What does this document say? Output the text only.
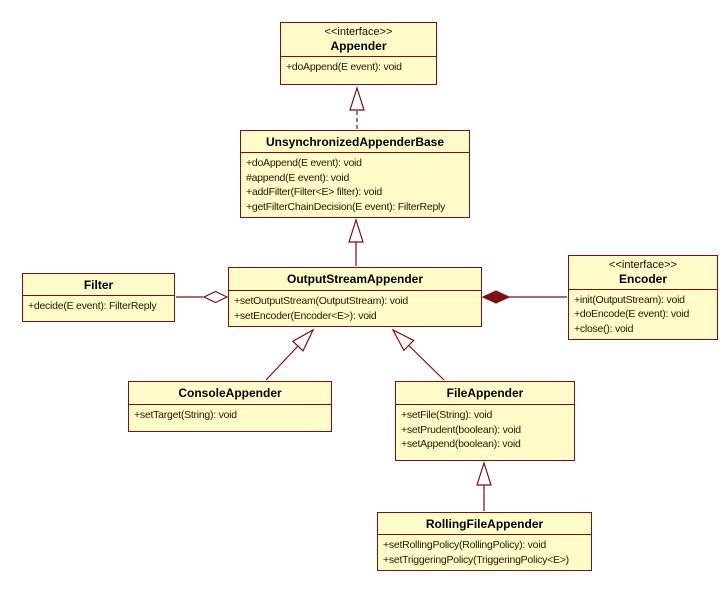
<<interface>>
Appender
+doAppend(E event): void
UnsynchronizedAppenderBase
+doAppend(E event): void
#append(E event): void
+addFilter(Filter<E> filter): void
+getFilterChainDecision(E event): FilterReply
OutputStreamAppender
+setOutputStream(OutputStream): void
+setEncoder(Encoder<E>): void
Filter
+decide(E event): FilterReply
<<interface>>
Encoder
+init(OutputStream): void
+doEncode(E event): void
+close(): void
ConsoleAppender
+setTarget(String): void
FileAppender
+setFile(String): void
+setPrudent(boolean): void
+setAppend(boolean): void
RollingFileAppender
+setRollingPolicy(RollingPolicy): void
+setTriggeringPolicy(TriggeringPolicy<E>)
